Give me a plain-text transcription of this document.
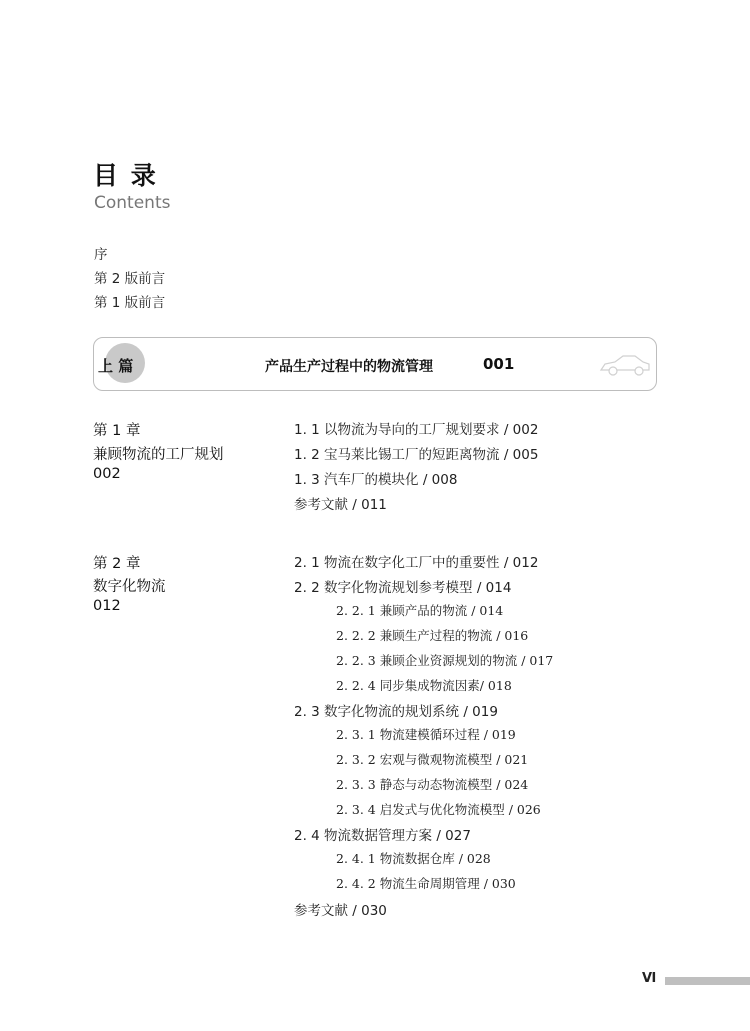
目 录
Contents
序
第 2 版前言
第 1 版前言
上 篇	产品生产过程中的物流管理	001
第 1 章
兼顾物流的工厂规划
002
1. 1 以物流为导向的工厂规划要求 / 002
1. 2 宝马莱比锡工厂的短距离物流 / 005
1. 3 汽车厂的模块化 / 008
参考文献 / 011
第 2 章
数字化物流
012
2. 1 物流在数字化工厂中的重要性 / 012
2. 2 数字化物流规划参考模型 / 014
2. 2. 1 兼顾产品的物流 / 014
2. 2. 2 兼顾生产过程的物流 / 016
2. 2. 3 兼顾企业资源规划的物流 / 017
2. 2. 4 同步集成物流因素/ 018
2. 3 数字化物流的规划系统 / 019
2. 3. 1 物流建模循环过程 / 019
2. 3. 2 宏观与微观物流模型 / 021
2. 3. 3 静态与动态物流模型 / 024
2. 3. 4 启发式与优化物流模型 / 026
2. 4 物流数据管理方案 / 027
2. 4. 1 物流数据仓库 / 028
2. 4. 2 物流生命周期管理 / 030
参考文献 / 030
Ⅵ
